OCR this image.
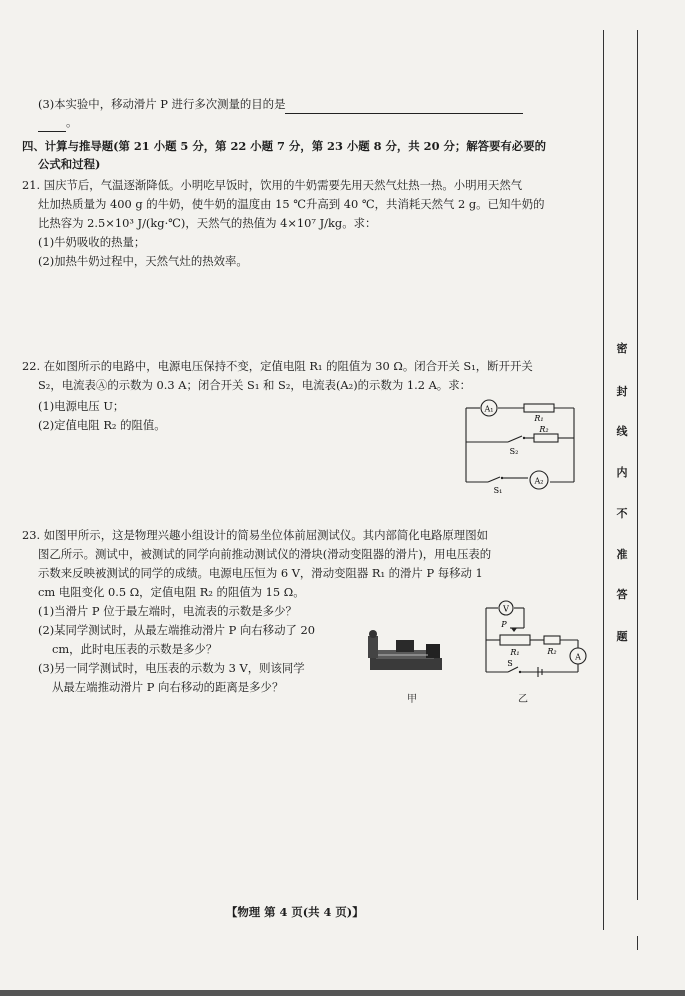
(3)本实验中，移动滑片 P 进行多次测量的目的是
。
四、计算与推导题(第 21 小题 5 分，第 22 小题 7 分，第 23 小题 8 分，共 20 分；解答要有必要的
公式和过程)
21. 国庆节后，气温逐渐降低。小明吃早饭时，饮用的牛奶需要先用天然气灶热一热。小明用天然气
灶加热质量为 400 g 的牛奶，使牛奶的温度由 15 ℃升高到 40 ℃，共消耗天然气 2 g。已知牛奶的
比热容为 2.5×10³ J/(kg·℃)，天然气的热值为 4×10⁷ J/kg。求：
(1)牛奶吸收的热量；
(2)加热牛奶过程中，天然气灶的热效率。
22. 在如图所示的电路中，电源电压保持不变，定值电阻 R₁ 的阻值为 30 Ω。闭合开关 S₁，断开开关
S₂，电流表Ⓐ的示数为 0.3 A；闭合开关 S₁ 和 S₂，电流表(A₂)的示数为 1.2 A。求：
(1)电源电压 U；
(2)定值电阻 R₂ 的阻值。
A₁
R₁
S₂
R₂
S₁
A₂
23. 如图甲所示，这是物理兴趣小组设计的简易坐位体前屈测试仪。其内部简化电路原理图如
图乙所示。测试中，被测试的同学向前推动测试仪的滑块(滑动变阻器的滑片)，用电压表的
示数来反映被测试的同学的成绩。电源电压恒为 6 V，滑动变阻器 R₁ 的滑片 P 每移动 1
cm 电阻变化 0.5 Ω，定值电阻 R₂ 的阻值为 15 Ω。
(1)当滑片 P 位于最左端时，电流表的示数是多少？
(2)某同学测试时，从最左端推动滑片 P 向右移动了 20
cm，此时电压表的示数是多少？
(3)另一同学测试时，电压表的示数为 3 V，则该同学
从最左端推动滑片 P 向右移动的距离是多少？
甲
V
P
R₁	R₂
A
S
乙
【物理 第 4 页(共 4 页)】
密
封
线
内
不
准
答
题
